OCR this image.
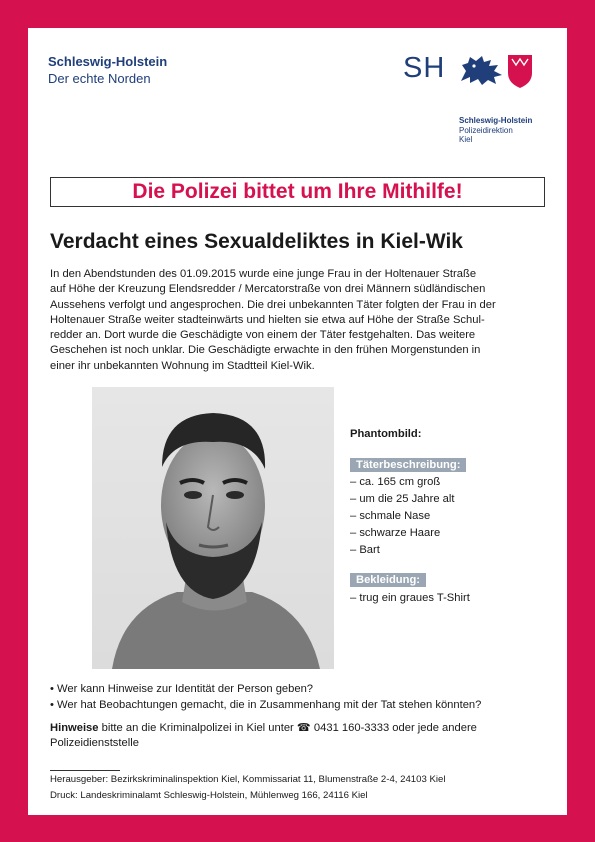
Schleswig-Holstein
Der echte Norden	SH
Schleswig-Holstein
Polizeidirektion
Kiel
Die Polizei bittet um Ihre Mithilfe!
Verdacht eines Sexualdeliktes in Kiel-Wik
In den Abendstunden des 01.09.2015 wurde eine junge Frau in der Holtenauer Straße
auf Höhe der Kreuzung Elendsredder / Mercatorstraße von drei Männern südländischen
Aussehens verfolgt und angesprochen. Die drei unbekannten Täter folgten der Frau in der
Holtenauer Straße weiter stadteinwärts und hielten sie etwa auf Höhe der Straße Schul-
redder an. Dort wurde die Geschädigte von einem der Täter festgehalten. Das weitere
Geschehen ist noch unklar. Die Geschädigte erwachte in den frühen Morgenstunden in
einer ihr unbekannten Wohnung im Stadtteil Kiel-Wik.
Phantombild:
Täterbeschreibung:
– ca. 165 cm groß
– um die 25 Jahre alt
– schmale Nase
– schwarze Haare
– Bart
Bekleidung:
– trug ein graues T-Shirt
• Wer kann Hinweise zur Identität der Person geben?
• Wer hat Beobachtungen gemacht, die in Zusammenhang mit der Tat stehen könnten?
Hinweise bitte an die Kriminalpolizei in Kiel unter ☎ 0431 160-3333 oder jede andere
Polizeidienststelle
Herausgeber: Bezirkskriminalinspektion Kiel, Kommissariat 11, Blumenstraße 2-4, 24103 Kiel
Druck: Landeskriminalamt Schleswig-Holstein, Mühlenweg 166, 24116 Kiel
